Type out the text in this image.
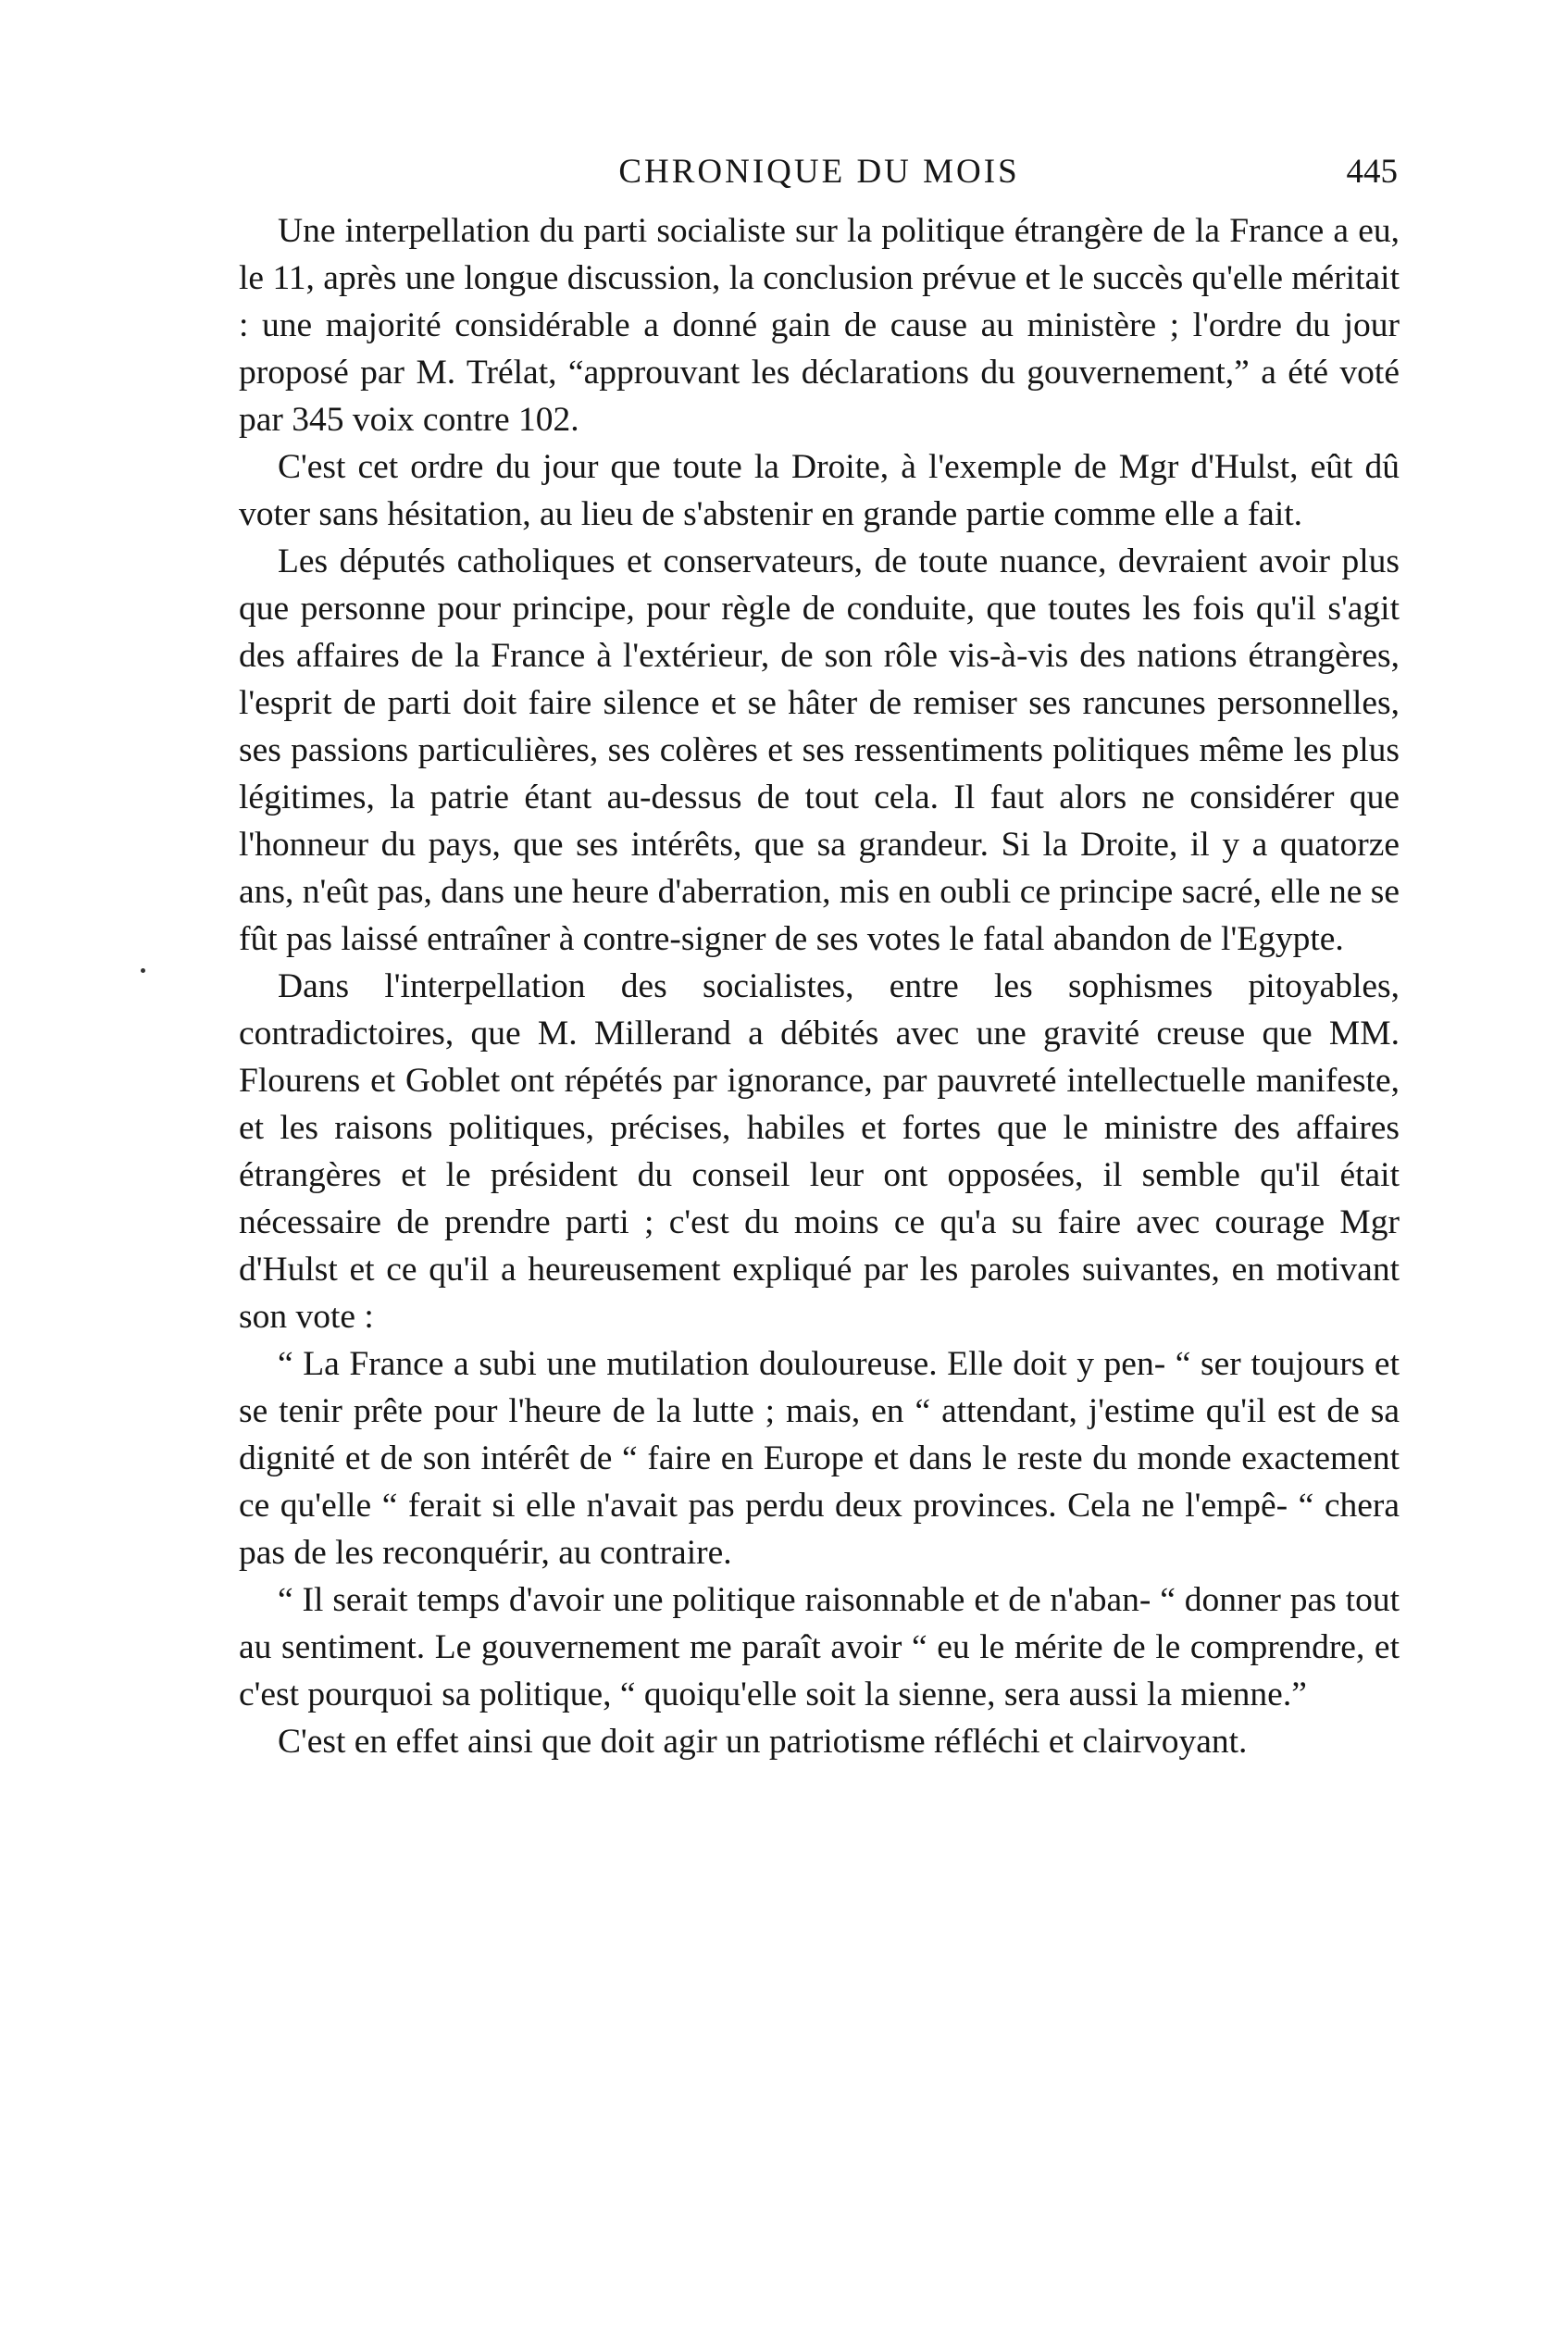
CHRONIQUE DU MOIS	445

Une interpellation du parti socialiste sur la politique étrangère de la France a eu, le 11, après une longue discussion, la conclusion prévue et le succès qu'elle méritait : une majorité considérable a donné gain de cause au ministère ; l'ordre du jour proposé par M. Trélat, “approuvant les déclarations du gouvernement,” a été voté par 345 voix contre 102.

C'est cet ordre du jour que toute la Droite, à l'exemple de Mgr d'Hulst, eût dû voter sans hésitation, au lieu de s'abstenir en grande partie comme elle a fait.

Les députés catholiques et conservateurs, de toute nuance, devraient avoir plus que personne pour principe, pour règle de conduite, que toutes les fois qu'il s'agit des affaires de la France à l'extérieur, de son rôle vis-à-vis des nations étrangères, l'esprit de parti doit faire silence et se hâter de remiser ses rancunes personnelles, ses passions particulières, ses colères et ses ressentiments politiques même les plus légitimes, la patrie étant au-dessus de tout cela. Il faut alors ne considérer que l'honneur du pays, que ses intérêts, que sa grandeur. Si la Droite, il y a quatorze ans, n'eût pas, dans une heure d'aberration, mis en oubli ce principe sacré, elle ne se fût pas laissé entraîner à contre-signer de ses votes le fatal abandon de l'Egypte.

Dans l'interpellation des socialistes, entre les sophismes pitoyables, contradictoires, que M. Millerand a débités avec une gravité creuse que MM. Flourens et Goblet ont répétés par ignorance, par pauvreté intellectuelle manifeste, et les raisons politiques, précises, habiles et fortes que le ministre des affaires étrangères et le président du conseil leur ont opposées, il semble qu'il était nécessaire de prendre parti ; c'est du moins ce qu'a su faire avec courage Mgr d'Hulst et ce qu'il a heureusement expliqué par les paroles suivantes, en motivant son vote :

“ La France a subi une mutilation douloureuse. Elle doit y pen- “ ser toujours et se tenir prête pour l'heure de la lutte ; mais, en “ attendant, j'estime qu'il est de sa dignité et de son intérêt de “ faire en Europe et dans le reste du monde exactement ce qu'elle “ ferait si elle n'avait pas perdu deux provinces. Cela ne l'empê- “ chera pas de les reconquérir, au contraire.

“ Il serait temps d'avoir une politique raisonnable et de n'aban- “ donner pas tout au sentiment. Le gouvernement me paraît avoir “ eu le mérite de le comprendre, et c'est pourquoi sa politique, “ quoiqu'elle soit la sienne, sera aussi la mienne.”

C'est en effet ainsi que doit agir un patriotisme réfléchi et clairvoyant.
